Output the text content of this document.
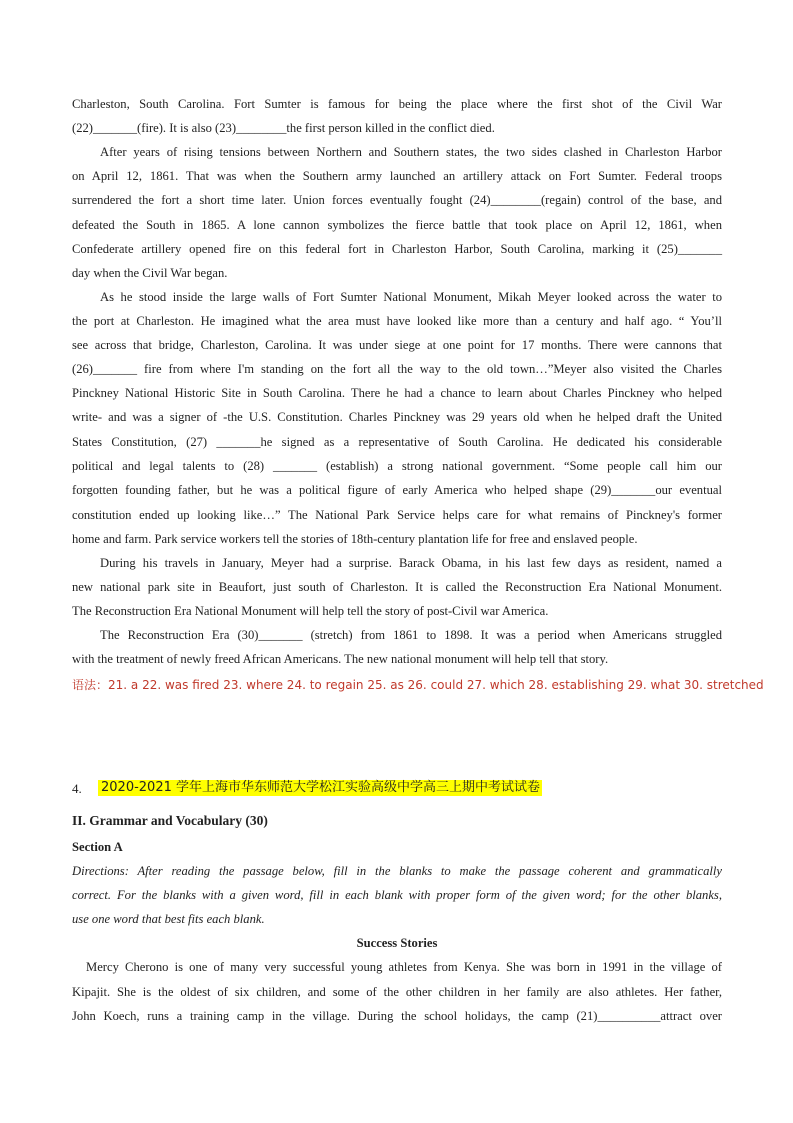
Charleston, South Carolina. Fort Sumter is famous for being the place where the first shot of the Civil War
(22)_______(fire). It is also (23)________the first person killed in the conflict died.
After years of rising tensions between Northern and Southern states, the two sides clashed in Charleston Harbor
on April 12, 1861. That was when the Southern army launched an artillery attack on Fort Sumter. Federal troops
surrendered the fort a short time later. Union forces eventually fought (24)________(regain) control of the base, and
defeated the South in 1865. A lone cannon symbolizes the fierce battle that took place on April 12, 1861, when
Confederate artillery opened fire on this federal fort in Charleston Harbor, South Carolina, marking it (25)_______
day when the Civil War began.
As he stood inside the large walls of Fort Sumter National Monument, Mikah Meyer looked across the water to
the port at Charleston. He imagined what the area must have looked like more than a century and half ago. “ You’ll
see across that bridge, Charleston, Carolina. It was under siege at one point for 17 months. There were cannons that
(26)_______ fire from where I'm standing on the fort all the way to the old town…”Meyer also visited the Charles
Pinckney National Historic Site in South Carolina. There he had a chance to learn about Charles Pinckney who helped
write- and was a signer of -the U.S. Constitution. Charles Pinckney was 29 years old when he helped draft the United
States Constitution, (27) _______he signed as a representative of South Carolina. He dedicated his considerable
political and legal talents to (28) _______ (establish) a strong national government. “Some people call him our
forgotten founding father, but he was a political figure of early America who helped shape (29)_______our eventual
constitution ended up looking like…” The National Park Service helps care for what remains of Pinckney's former
home and farm. Park service workers tell the stories of 18th-century plantation life for free and enslaved people.
During his travels in January, Meyer had a surprise. Barack Obama, in his last few days as resident, named a
new national park site in Beaufort, just south of Charleston. It is called the Reconstruction Era National Monument.
The Reconstruction Era National Monument will help tell the story of post-Civil war America.
The Reconstruction Era (30)_______ (stretch) from 1861 to 1898. It was a period when Americans struggled
with the treatment of newly freed African Americans. The new national monument will help tell that story.
语法：21. a 22. was fired 23. where 24. to regain 25. as 26. could 27. which 28. establishing 29. what 30. stretched
4. 2020-2021 学年上海市华东师范大学松江实验高级中学高三上期中考试试卷
II. Grammar and Vocabulary (30)
Section A
Directions: After reading the passage below, fill in the blanks to make the passage coherent and grammatically
correct. For the blanks with a given word, fill in each blank with proper form of the given word; for the other blanks,
use one word that best fits each blank.
Success Stories
Mercy Cherono is one of many very successful young athletes from Kenya. She was born in 1991 in the village of
Kipajit. She is the oldest of six children, and some of the other children in her family are also athletes. Her father,
John Koech, runs a training camp in the village. During the school holidays, the camp (21)__________attract over
